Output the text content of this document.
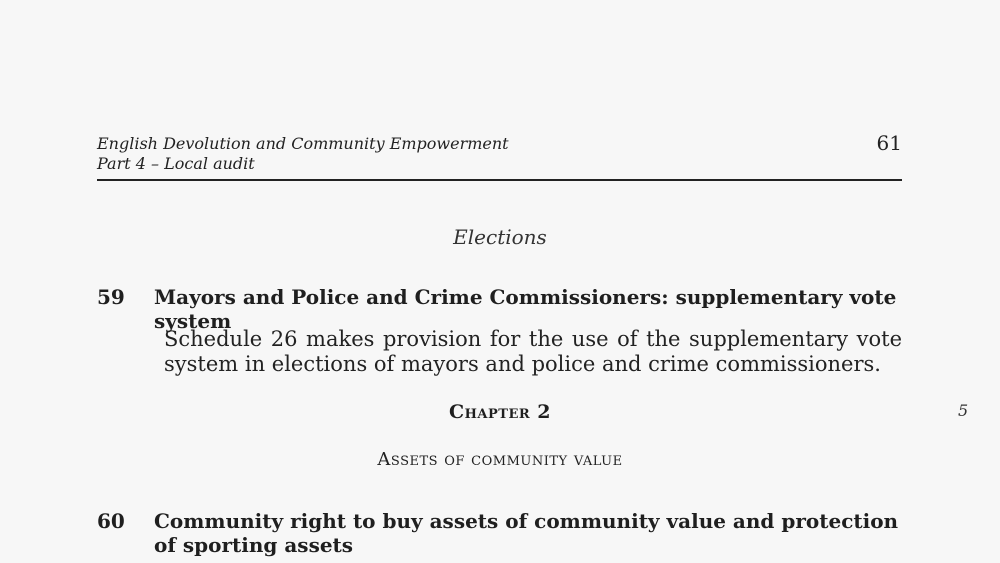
English Devolution and Community Empowerment
Part 4 – Local audit
61
Elections
59 Mayors and Police and Crime Commissioners: supplementary vote system
Schedule 26 makes provision for the use of the supplementary vote system in elections of mayors and police and crime commissioners.
Chapter 2	5
Assets of community value
60 Community right to buy assets of community value and protection of sporting assets
